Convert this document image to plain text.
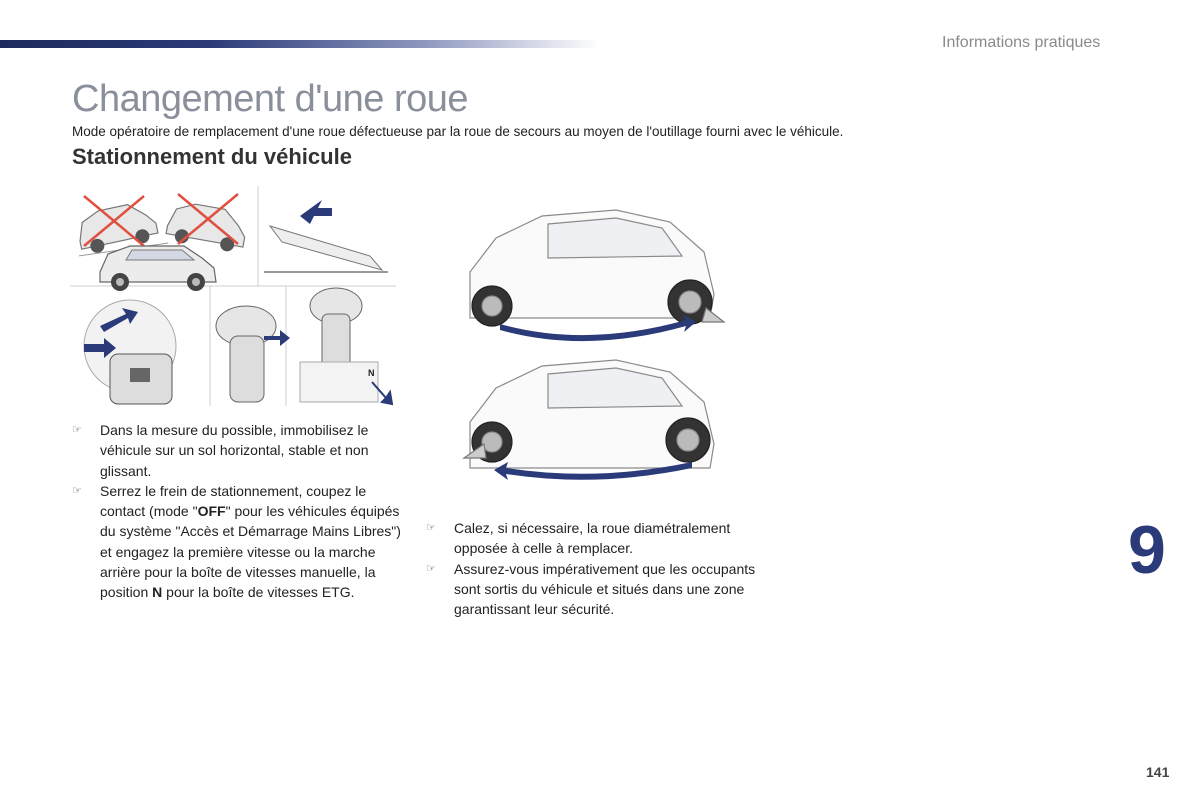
Informations pratiques
Changement d'une roue
Mode opératoire de remplacement d'une roue défectueuse par la roue de secours au moyen de l'outillage fourni avec le véhicule.
Stationnement du véhicule
N
☞ Dans la mesure du possible, immobilisez le véhicule sur un sol horizontal, stable et non glissant.
☞ Serrez le frein de stationnement, coupez le contact (mode "OFF" pour les véhicules équipés du système "Accès et Démarrage Mains Libres") et engagez la première vitesse ou la marche arrière pour la boîte de vitesses manuelle, la position N pour la boîte de vitesses ETG.
☞ Calez, si nécessaire, la roue diamétralement opposée à celle à remplacer.
☞ Assurez-vous impérativement que les occupants sont sortis du véhicule et situés dans une zone garantissant leur sécurité.
9
141
